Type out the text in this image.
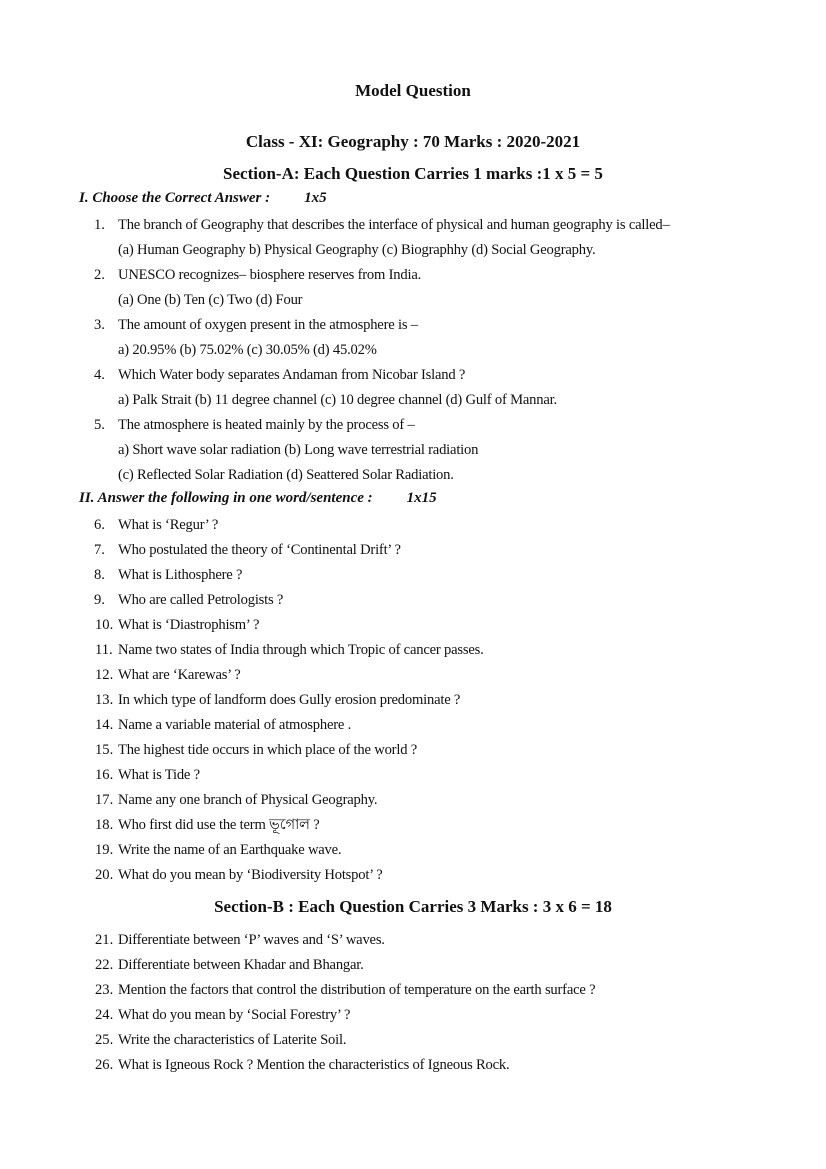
Model Question
Class - XI: Geography : 70 Marks : 2020-2021
Section-A: Each Question Carries 1 marks :1 x 5 = 5
I. Choose the Correct Answer : 1x5
1. The branch of Geography that describes the interface of physical and human geography is called–
(a) Human Geography b) Physical Geography (c) Biographhy (d) Social Geography.
2. UNESCO recognizes– biosphere reserves from India.
(a) One (b) Ten (c) Two (d) Four
3. The amount of oxygen present in the atmosphere is –
a) 20.95% (b) 75.02% (c) 30.05% (d) 45.02%
4. Which Water body separates Andaman from Nicobar Island ?
a) Palk Strait (b) 11 degree channel (c) 10 degree channel (d) Gulf of Mannar.
5. The atmosphere is heated mainly by the process of –
a) Short wave solar radiation (b) Long wave terrestrial radiation
(c) Reflected Solar Radiation (d) Seattered Solar Radiation.
II. Answer the following in one word/sentence : 1x15
6. What is ‘Regur’ ?
7. Who postulated the theory of ‘Continental Drift’ ?
8. What is Lithosphere ?
9. Who are called Petrologists ?
10. What is ‘Diastrophism’ ?
11. Name two states of India through which Tropic of cancer passes.
12. What are ‘Karewas’ ?
13. In which type of landform does Gully erosion predominate ?
14. Name a variable material of atmosphere .
15. The highest tide occurs in which place of the world ?
16. What is Tide ?
17. Name any one branch of Physical Geography.
18. Who first did use the term ভূগোল ?
19. Write the name of an Earthquake wave.
20. What do you mean by ‘Biodiversity Hotspot’ ?
Section-B : Each Question Carries 3 Marks : 3 x 6 = 18
21. Differentiate between ‘P’ waves and ‘S’ waves.
22. Differentiate between Khadar and Bhangar.
23. Mention the factors that control the distribution of temperature on the earth surface ?
24. What do you mean by ‘Social Forestry’ ?
25. Write the characteristics of Laterite Soil.
26. What is Igneous Rock ? Mention the characteristics of Igneous Rock.
